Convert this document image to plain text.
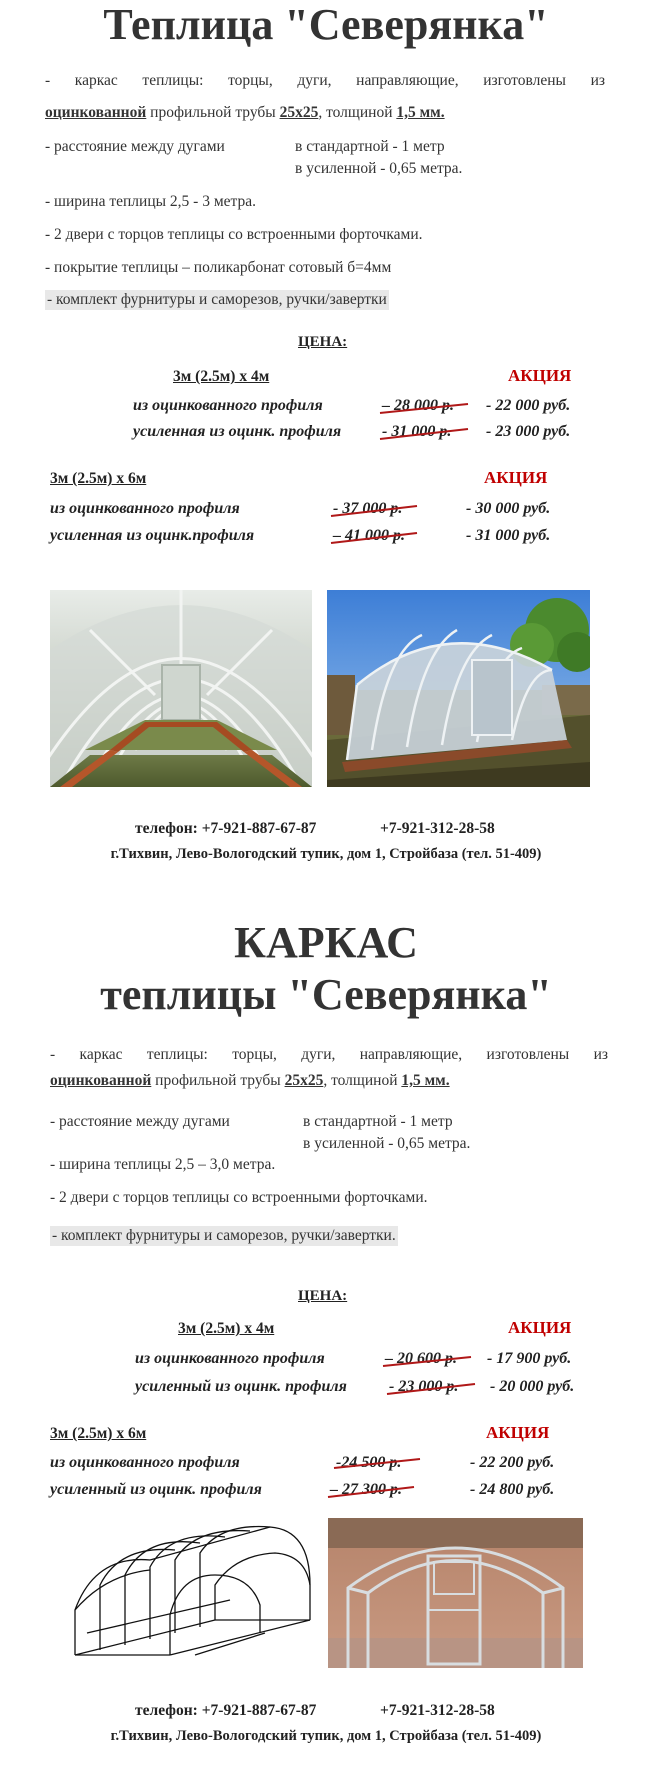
Теплица "Северянка"
- каркас теплицы: торцы, дуги, направляющие, изготовлены из
оцинкованной профильной трубы 25х25, толщиной 1,5 мм.
- расстояние между дугами	в стандартной - 1 метр
в усиленной - 0,65 метра.
- ширина теплицы 2,5 - 3 метра.
- 2 двери с торцов теплицы со встроенными форточками.
- покрытие теплицы – поликарбонат сотовый б=4мм
- комплект фурнитуры и саморезов, ручки/завертки
ЦЕНА:
3м (2.5м) х 4м	АКЦИЯ
из оцинкованного профиля	– 28 000 р. - 22 000 руб.
усиленная из оцинк. профиля	- 31 000 р. - 23 000 руб.
3м (2.5м) х 6м	АКЦИЯ
из оцинкованного профиля	- 37 000 р.	- 30 000 руб.
усиленная из оцинк.профиля	– 41 000 р.	- 31 000 руб.
телефон: +7-921-887-67-87	+7-921-312-28-58
г.Тихвин, Лево-Вологодский тупик, дом 1, Стройбаза (тел. 51-409)
КАРКАС
теплицы "Северянка"
- каркас теплицы: торцы, дуги, направляющие, изготовлены из
оцинкованной профильной трубы 25х25, толщиной 1,5 мм.
- расстояние между дугами	в стандартной - 1 метр
в усиленной - 0,65 метра.
- ширина теплицы 2,5 – 3,0 метра.
- 2 двери с торцов теплицы со встроенными форточками.
- комплект фурнитуры и саморезов, ручки/завертки.
ЦЕНА:
3м (2.5м) х 4м	АКЦИЯ
из оцинкованного профиля	– 20 600 р. - 17 900 руб.
усиленный из оцинк. профиля	- 23 000 р. - 20 000 руб.
3м (2.5м) х 6м	АКЦИЯ
из оцинкованного профиля	-24 500 р.	- 22 200 руб.
усиленный из оцинк. профиля	– 27 300 р.	- 24 800 руб.
телефон: +7-921-887-67-87	+7-921-312-28-58
г.Тихвин, Лево-Вологодский тупик, дом 1, Стройбаза (тел. 51-409)
